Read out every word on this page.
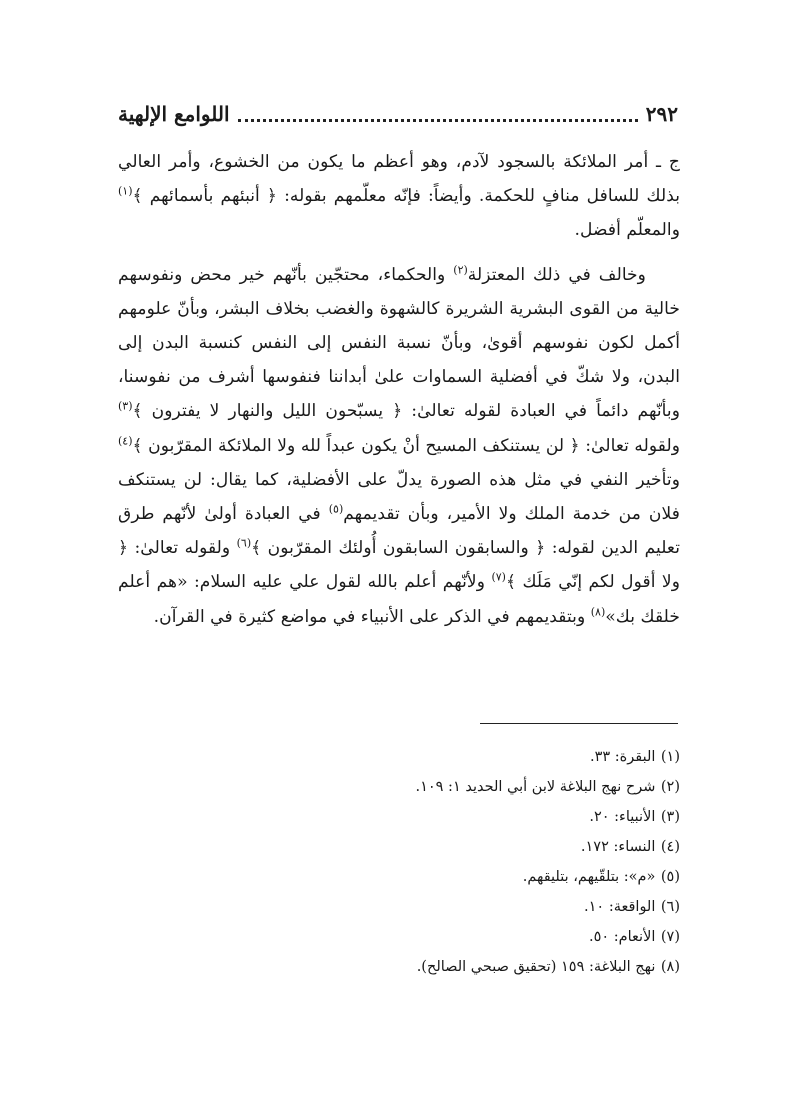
٢٩٢
اللوامع الإلهية

ج ـ أمر الملائكة بالسجود لآدم، وهو أعظم ما يكون من الخشوع، وأمر العالي بذلك للسافل منافٍ للحكمة. وأيضاً: فإنّه معلّمهم بقوله: ﴿ أنبئهم بأسمائهم ﴾$^{(١)}$ والمعلّم أفضل.

وخالف في ذلك المعتزلة$^{(٢)}$ والحكماء، محتجّين بأنّهم خير محض ونفوسهم خالية من القوى البشرية الشريرة كالشهوة والغضب بخلاف البشر، وبأنّ علومهم أكمل لكون نفوسهم أقوىٰ، وبأنّ نسبة النفس إلى النفس كنسبة البدن إلى البدن، ولا شكّ في أفضلية السماوات علىٰ أبداننا فنفوسها أشرف من نفوسنا، وبأنّهم دائماً في العبادة لقوله تعالىٰ: ﴿ يسبّحون الليل والنهار لا يفترون ﴾$^{(٣)}$ ولقوله تعالىٰ: ﴿ لن يستنكف المسيح أنْ يكون عبداً لله ولا الملائكة المقرّبون ﴾$^{(٤)}$ وتأخير النفي في مثل هذه الصورة يدلّ على الأفضلية، كما يقال: لن يستنكف فلان من خدمة الملك ولا الأمير، وبأن تقديمهم$^{(٥)}$ في العبادة أولىٰ لأنّهم طرق تعليم الدين لقوله: ﴿ والسابقون السابقون أُولئك المقرّبون ﴾$^{(٦)}$ ولقوله تعالىٰ: ﴿ ولا أقول لكم إنّي مَلَك ﴾$^{(٧)}$ ولأنّهم أعلم بالله لقول علي عليه السلام: «هم أعلم خلقك بك»$^{(٨)}$ وبتقديمهم في الذكر على الأنبياء في مواضع كثيرة في القرآن.

(١) البقرة: ٣٣.

(٢) شرح نهج البلاغة لابن أبي الحديد ١: ١٠٩.

(٣) الأنبياء: ٢٠.

(٤) النساء: ١٧٢.

(٥) «م»: بتلقّيهم، بتليقهم.

(٦) الواقعة: ١٠.

(٧) الأنعام: ٥٠.

(٨) نهج البلاغة: ١٥٩ (تحقيق صبحي الصالح).
